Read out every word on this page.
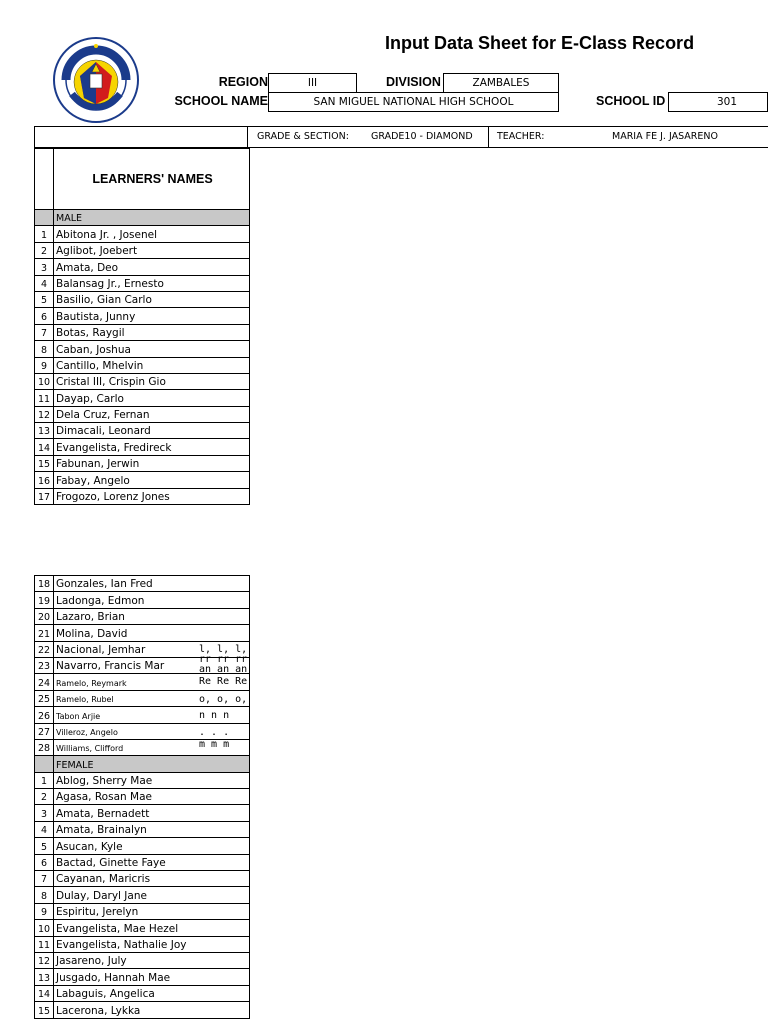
Input Data Sheet for E-Class Record
REGION	III	DIVISION	ZAMBALES
SCHOOL NAME	SAN MIGUEL NATIONAL HIGH SCHOOL	SCHOOL ID	301
GRADE & SECTION: GRADE10 - DIAMOND	TEACHER:	MARIA FE J. JASARENO
	LEARNERS' NAMES
	MALE
1	Abitona Jr. , Josenel
2	Aglibot, Joebert
3	Amata, Deo
4	Balansag Jr., Ernesto
5	Basilio, Gian Carlo
6	Bautista, Junny
7	Botas, Raygil
8	Caban, Joshua
9	Cantillo, Mhelvin
10	Cristal III, Crispin Gio
11	Dayap, Carlo
12	Dela Cruz, Fernan
13	Dimacali, Leonard
14	Evangelista, Fredireck
15	Fabunan, Jerwin
16	Fabay, Angelo
17	Frogozo, Lorenz Jones
18	Gonzales, Ian Fred
19	Ladonga, Edmon
20	Lazaro, Brian
21	Molina, David
22	Nacional, Jemhar
23	Navarro, Francis Mar
24	Ramelo, Reymark
25	Ramelo, Rubel
26	Tabon Arjie
27	Villeroz, Angelo
28	Williams, Clifford
	FEMALE
1	Ablog, Sherry Mae
2	Agasa, Rosan Mae
3	Amata, Bernadett
4	Amata, Brainalyn
5	Asucan, Kyle
6	Bactad, Ginette Faye
7	Cayanan, Maricris
8	Dulay, Daryl Jane
9	Espiritu, Jerelyn
10	Evangelista, Mae Hezel
11	Evangelista, Nathalie Joy
12	Jasareno, July
13	Jusgado, Hannah Mae
14	Labaguis, Angelica
15	Lacerona, Lykka
l, l, l,
rr rr rr
an an an
Re Re Re
o, o, o,
n n n
. . .
m m m
